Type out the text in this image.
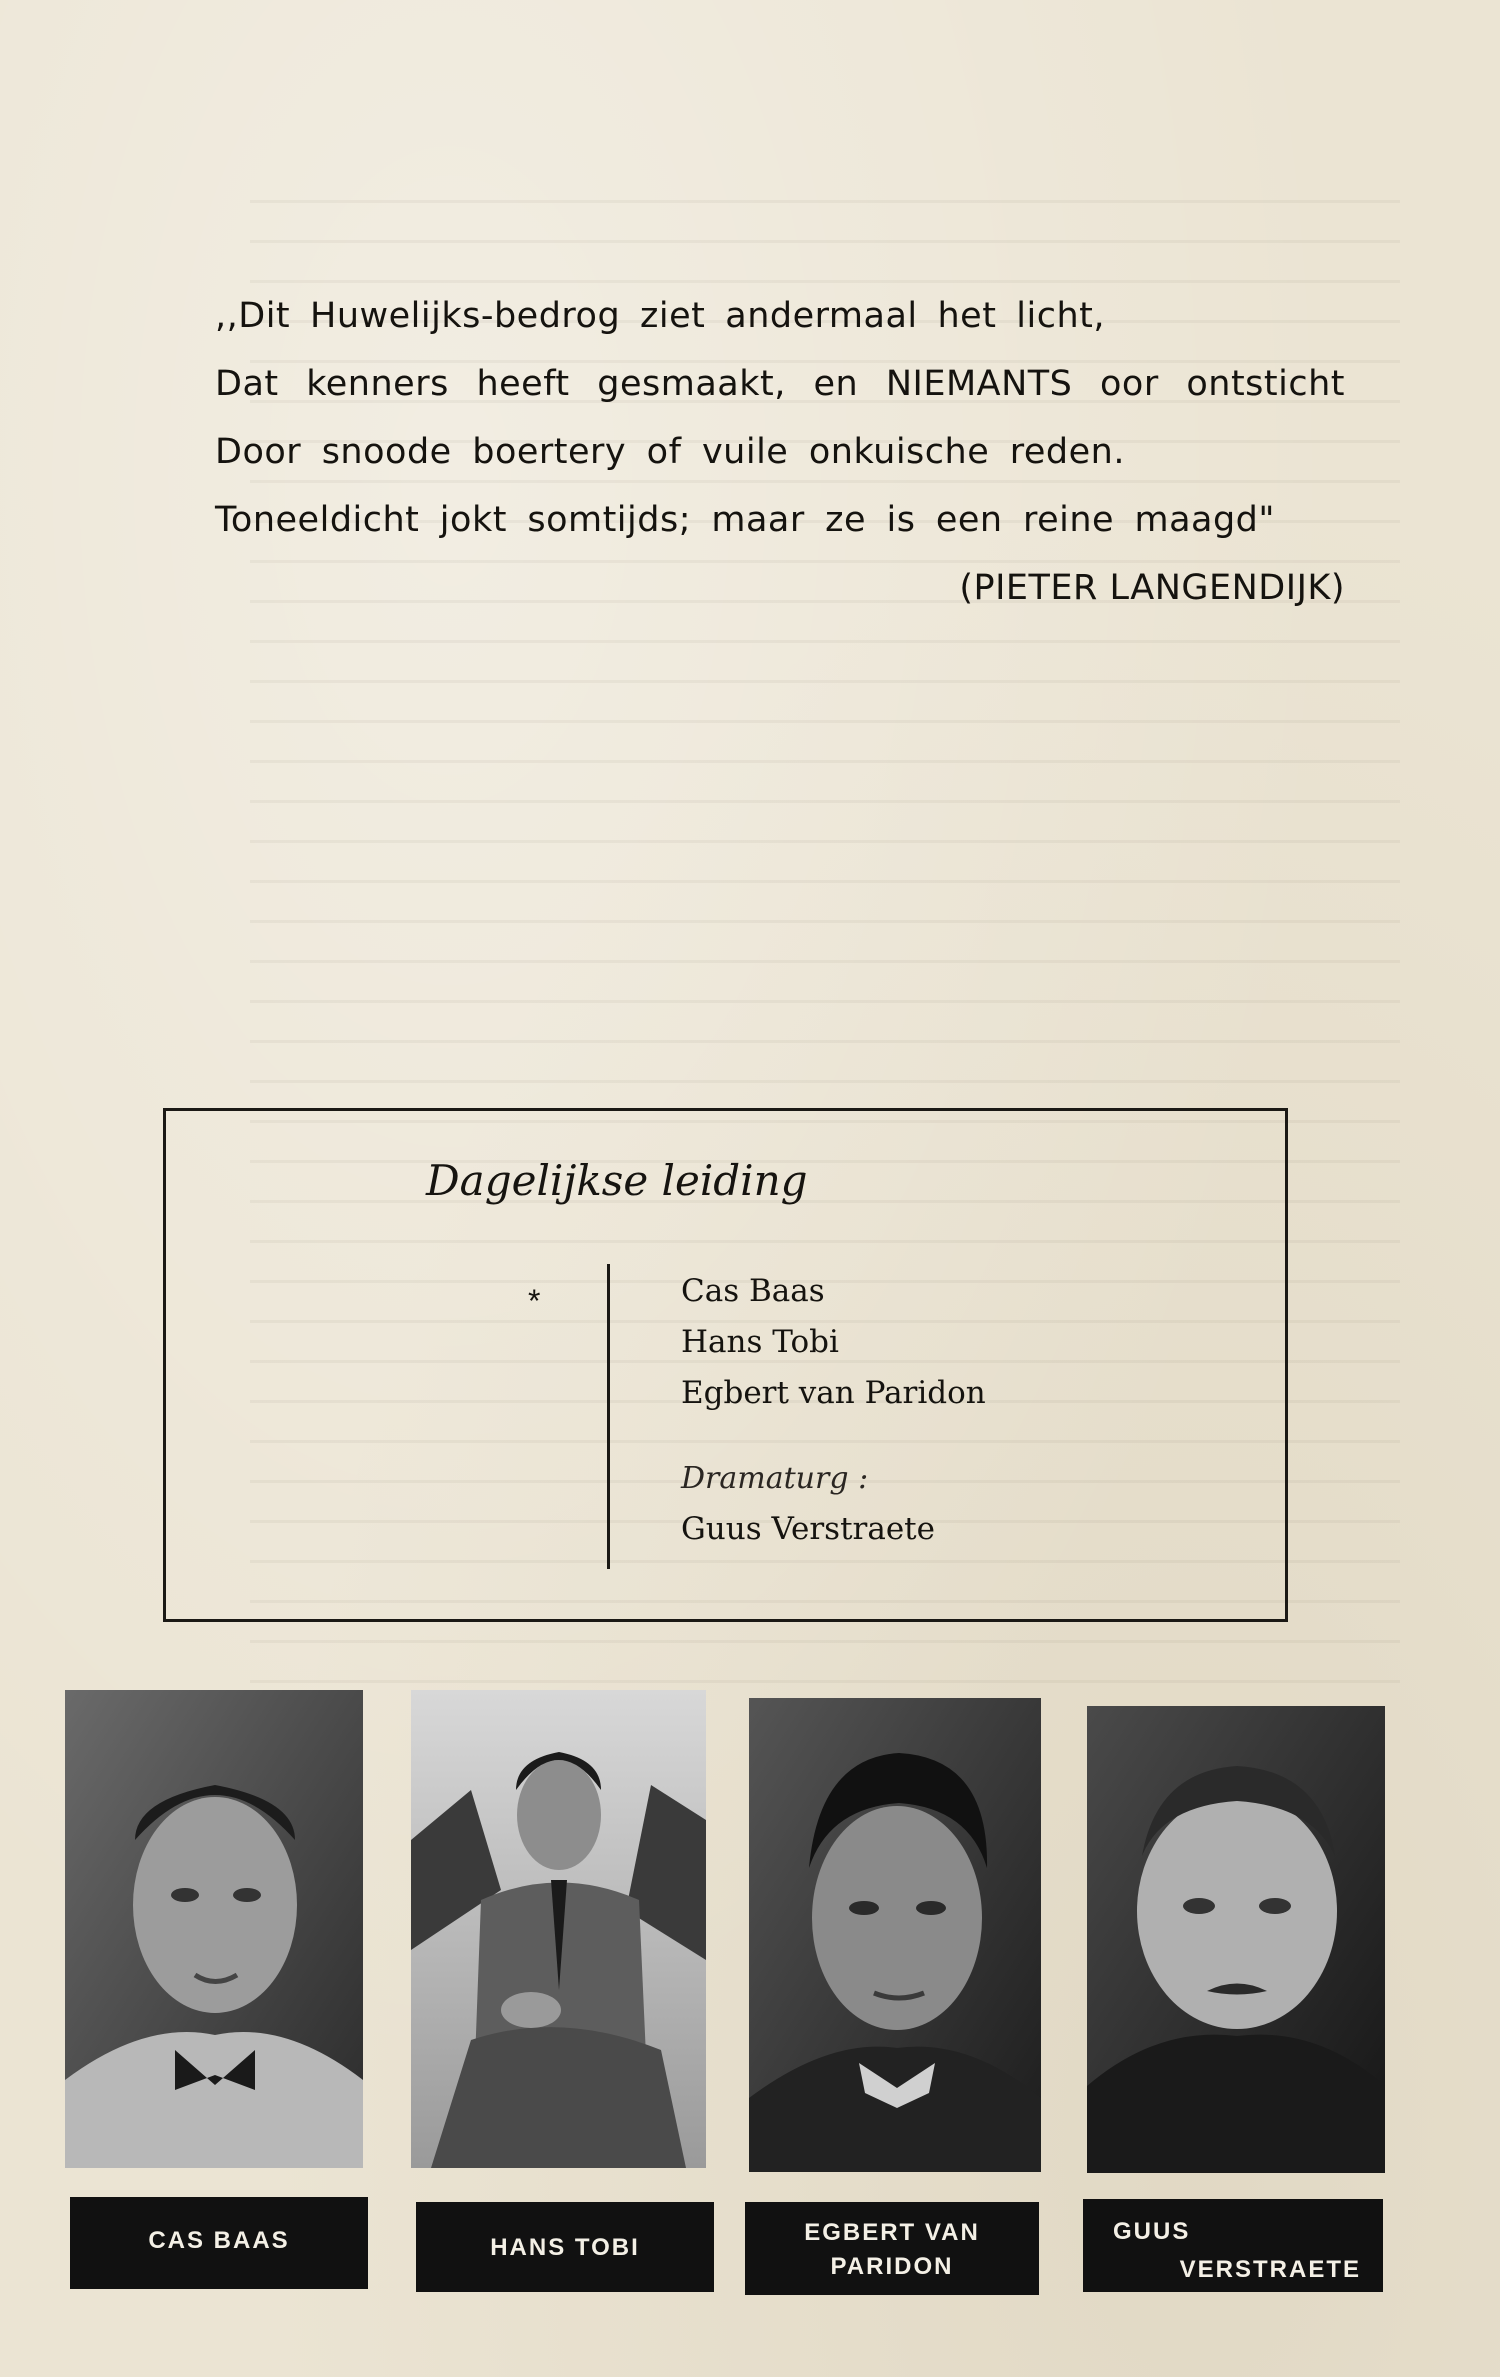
,,Dit Huwelijks-bedrog ziet andermaal het licht,
Dat kenners heeft gesmaakt, en NIEMANTS oor ontsticht
Door snoode boertery of vuile onkuische reden.
Toneeldicht jokt somtijds; maar ze is een reine maagd"
(PIETER LANGENDIJK)
Dagelijkse leiding
*	Cas Baas
Hans Tobi
Egbert van Paridon
Dramaturg :
Guus Verstraete
CAS BAAS	HANS TOBI
EGBERT VAN
PARIDON
GUUS
VERSTRAETE
